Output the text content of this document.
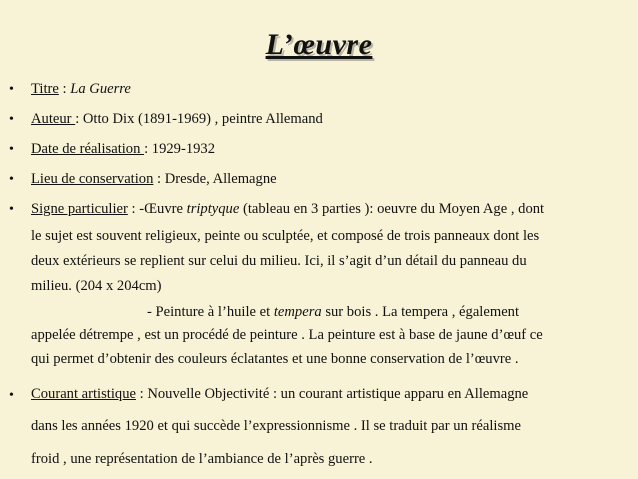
L’œuvre
• Titre : La Guerre
• Auteur : Otto Dix (1891-1969) , peintre Allemand
• Date de réalisation : 1929-1932
• Lieu de conservation : Dresde, Allemagne
• Signe particulier : -Œuvre triptyque (tableau en 3 parties ): oeuvre du Moyen Age , dont
le sujet est souvent religieux, peinte ou sculptée, et composé de trois panneaux dont les
deux extérieurs se replient sur celui du milieu. Ici, il s’agit d’un détail du panneau du
milieu. (204 x 204cm)
- Peinture à l’huile et tempera sur bois . La tempera , également
appelée détrempe , est un procédé de peinture . La peinture est à base de jaune d’œuf ce
qui permet d’obtenir des couleurs éclatantes et une bonne conservation de l’œuvre .
• Courant artistique : Nouvelle Objectivité : un courant artistique apparu en Allemagne
dans les années 1920 et qui succède l’expressionnisme . Il se traduit par un réalisme
froid , une représentation de l’ambiance de l’après guerre .
